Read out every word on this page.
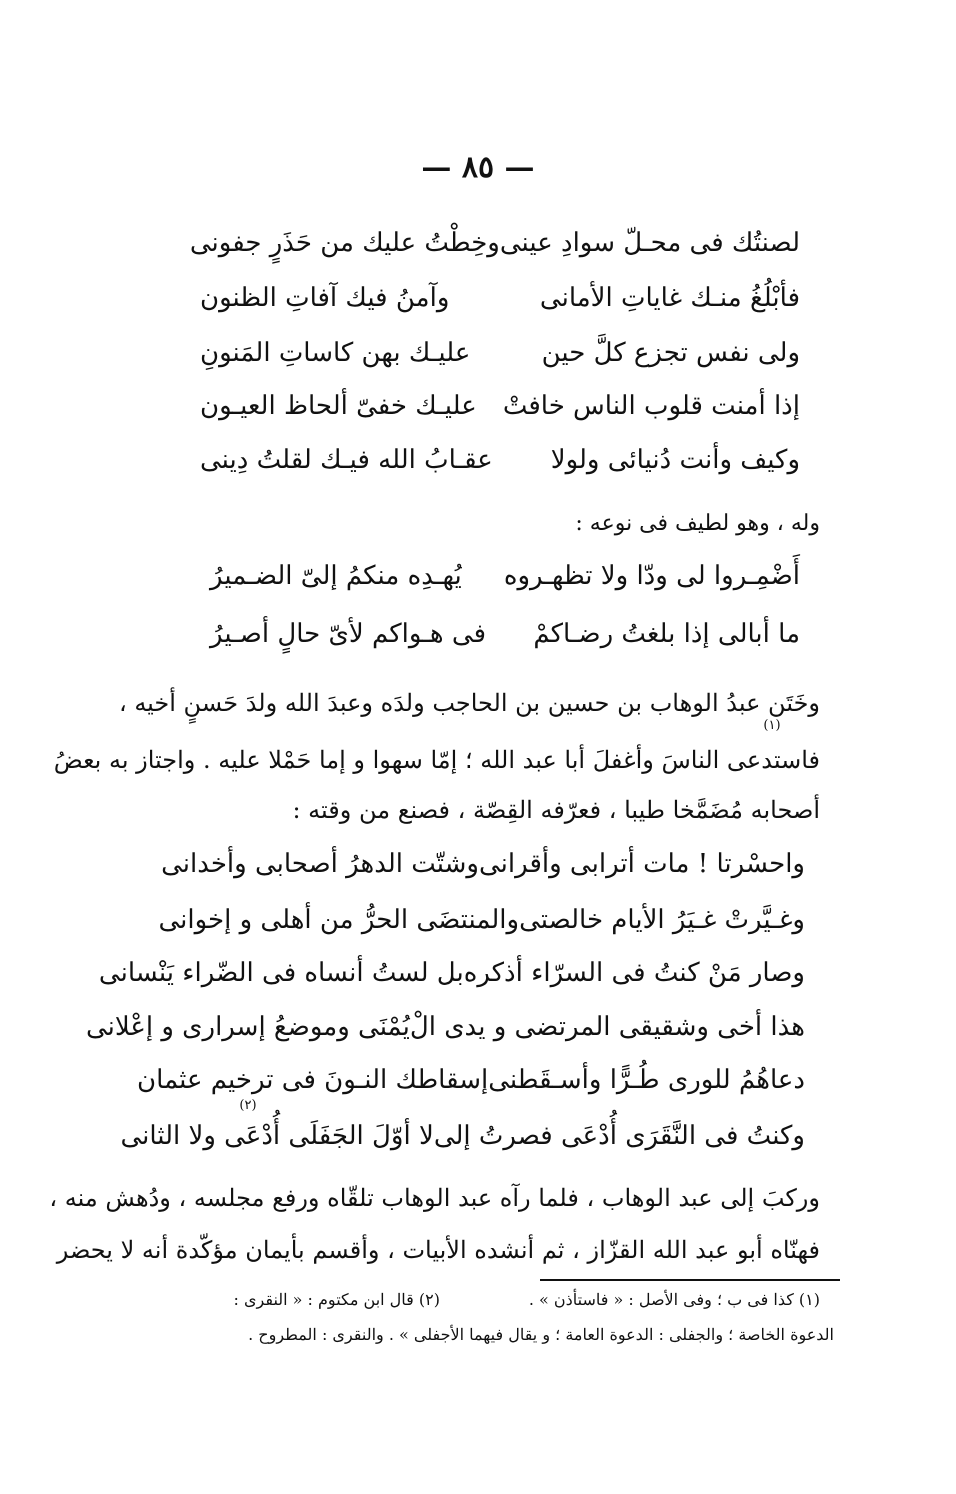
— ٨٥ —
لصنتُك فى محـلّ سوادِ عينى
وخِطْتُ عليك من حَذَرٍ جفونى
فأبْلُغُ منـك غاياتِ الأمانى
وآمنُ فيك آفاتِ الظنون
ولى نفس تجزع كلَّ حين
عليـك بهن كاساتِ المَنونِ
إذا أمنت قلوب الناس خافتْ
عليـك خفىّ ألحاظ العيـون
وكيف وأنت دُنيائى ولولا
عقـابُ الله فيـك لقلتُ دِينى
وله ، وهو لطيف فى نوعه :
أَضْمِـروا لى ودّا ولا تظهـروه
يُهـدِه منكمُ إلىّ الضـميرُ
ما أبالى إذا بلغتُ رضـاكمْ
فى هـواكم لأىّ حالٍ أصـيرُ
وخَتَن عبدُ الوهاب بن حسين بن الحاجب ولدَه وعبدَ الله ولدَ حَسنٍ أخيه ،
(١)
فاستدعى الناسَ وأغفلَ أبا عبد الله ؛ إمّا سهوا و إما حَمْلا عليه . واجتاز به بعضُ
أصحابه مُضَمَّخا طيبا ، فعرّفه القِصّة ، فصنع من وقته :
واحسْرتا ! مات أترابى وأقرانى
وشتّت الدهرُ أصحابى وأخدانى
وغـيَّرتْ غـيَرُ الأيام خالصتى
والمنتضَى الحرُّ من أهلى و إخوانى
وصار مَنْ كنتُ فى السرّاء أذكره
بل لستُ أنساه فى الضّراء يَنْسانى
هذا أخى وشقيقى المرتضى و يدى الْ
يُمْنَى وموضعُ إسرارى و إعْلانى
دعاهُمُ للورى طُـرًّا وأسـقَطنى
إسقاطك النـونَ فى ترخيم عثمان
(٢)
وكنتُ فى النَّقَرَى أُدْعَى فصرتُ إلى
لا أوّلَ الجَفَلَى أُدْعَى ولا الثانى
وركبَ إلى عبد الوهاب ، فلما رآه عبد الوهاب تلقّاه ورفع مجلسه ، ودُهش منه ،
فهنّاه أبو عبد الله القزّاز ، ثم أنشده الأبيات ، وأقسم بأيمان مؤكّدة أنه لا يحضر
(١) كذا فى ب ؛ وفى الأصل : « فاستأذن » .
(٢) قال ابن مكتوم : « النقرى :
الدعوة الخاصة ؛ والجفلى : الدعوة العامة ؛ و يقال فيهما الأجفلى » . والنقرى : المطروح .
